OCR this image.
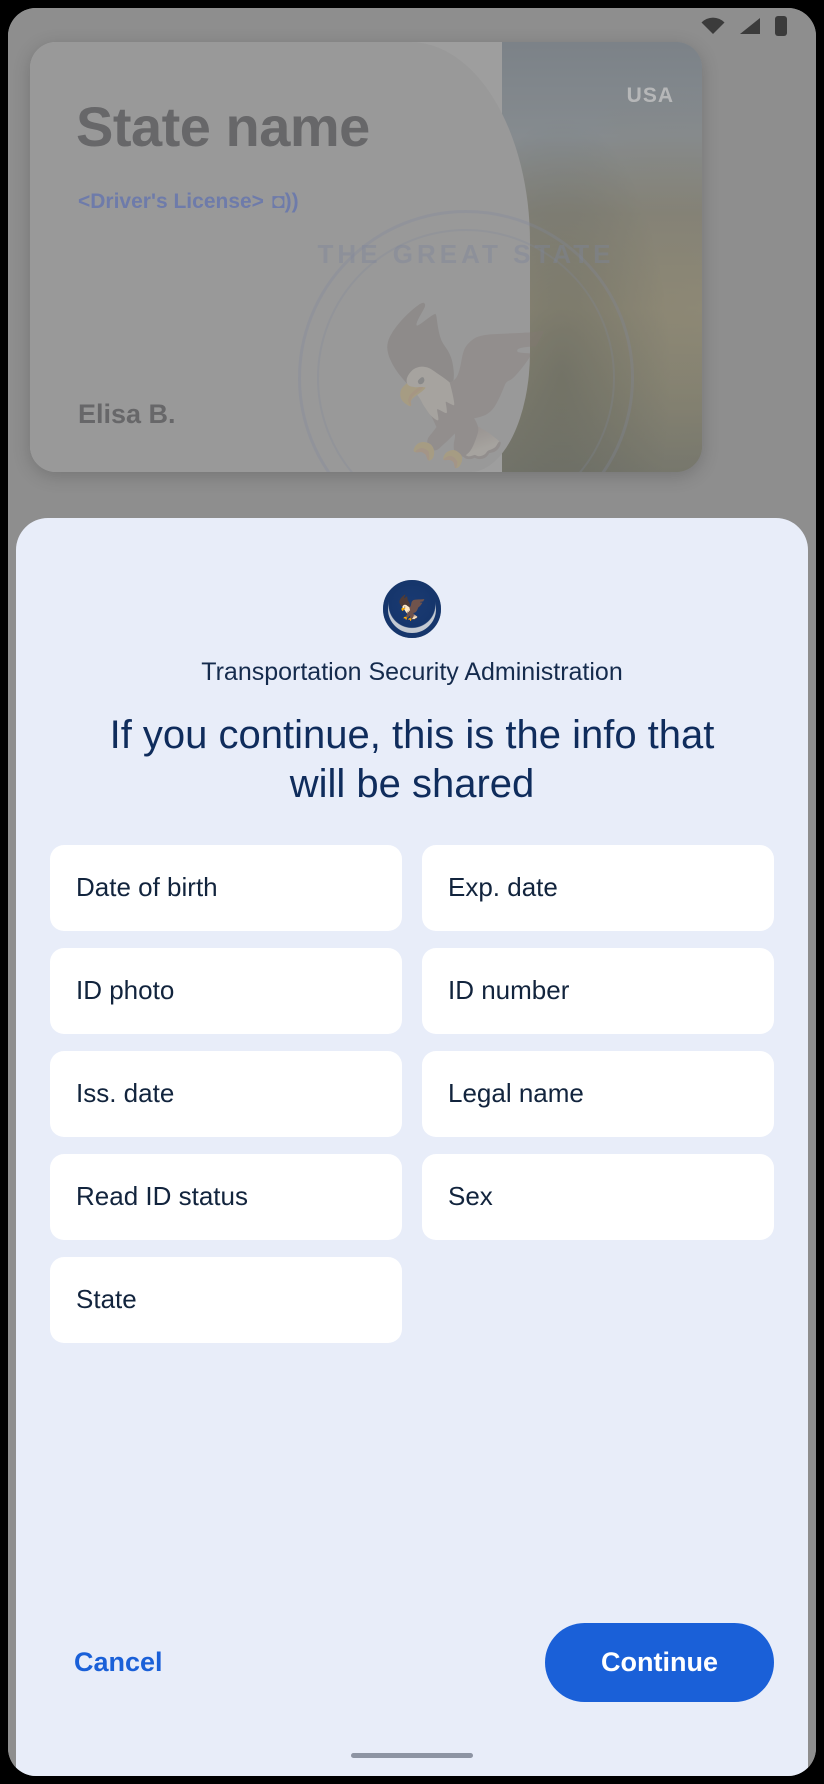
🦅
Transportation Security Administration
If you continue, this is the info that will be shared
Date of birth	Exp. date
ID photo	ID number
Iss. date	Legal name
Read ID status	Sex
State
Cancel	Continue
